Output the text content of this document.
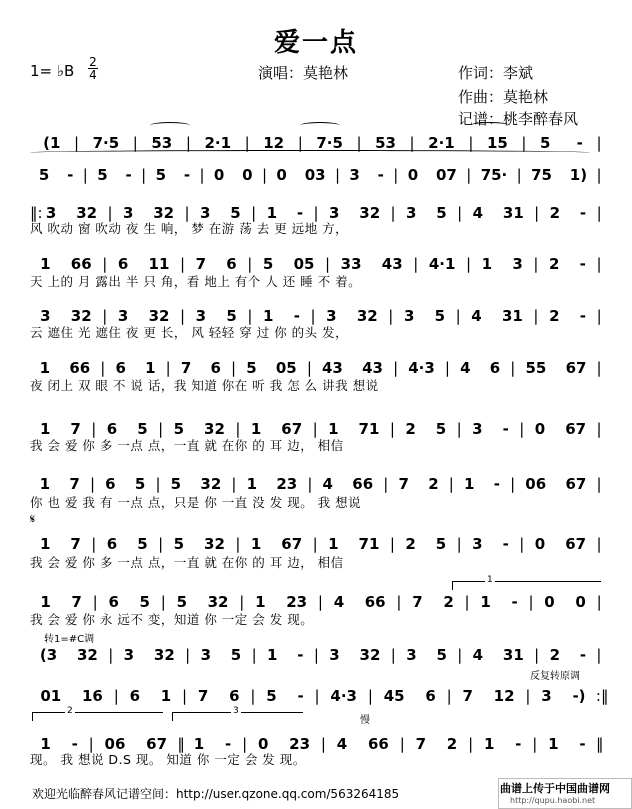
爱一点
1= ♭B 2
4	演唱：莫艳林	作词：李斌
作曲：莫艳林
记谱：桃李醉春风
(1 | 7·5 | 53 | 2·1 | 12 | 7·5 | 53 | 2·1 | 15 | 5	- |
5	- | 5	- | 5	- | 0	0 | 0	03 | 3	- | 0	07 | 75· | 75	1) |
‖: 3	32 | 3	32 | 3	5 | 1	- | 3	32 | 3	5 | 4	31 | 2	- |
风 吹动 窗 吹动 夜 生 响， 梦 在游 荡 去 更 远地 方，
1	66 | 6	11 | 7	6 | 5	05 | 33	43 | 4·1 | 1	3 | 2	- |
天 上的 月 露出 半 只 角，看 地上 有个 人 还 睡 不 着。
3	32 | 3	32 | 3	5 | 1	- | 3	32 | 3	5 | 4	31 | 2	- |
云 遮住 光 遮住 夜 更 长， 风 轻轻 穿 过 你 的头 发，
1	66 | 6	1 | 7	6 | 5	05 | 43	43 | 4·3 | 4	6 | 55	67 |
夜 闭上 双 眼 不 说 话，我 知道 你在 听 我 怎 么 讲我 想说
1	7 | 6	5 | 5	32 | 1	67 | 1	71 | 2	5 | 3	- | 0	67 |
我 会 爱 你 多 一点 点，一直 就 在你 的 耳 边， 相信
1	7 | 6	5 | 5	32 | 1	23 | 4	66 | 7	2 | 1	- | 06	67 |
你 也 爱 我 有 一点 点，只是 你 一直 没 发 现。 我 想说
1	7 | 6	5 | 5	32 | 1	67 | 1	71 | 2	5 | 3	- | 0	67 |
我 会 爱 你 多 一点 点，一直 就 在你 的 耳 边， 相信
1	7 | 6	5 | 5	32 | 1	23 | 4	66 | 7	2 | 1	- | 0	0 |
我 会 爱 你 永 远不 变，知道 你 一定 会 发 现。
(3	32 | 3	32 | 3	5 | 1	- | 3	32 | 3	5 | 4	31 | 2	- |
01	16 | 6	1 | 7	6 | 5	- | 4·3 | 45	6 | 7	12 | 3	-) :‖
1	- | 06	67 ‖ 1	- | 0	23 | 4	66 | 7	2 | 1	- | 1	- ‖
现。 我 想说 D.S 现。 知道 你 一定 会 发 现。
转1=#C调
反复转原调
慢
𝄋
1
2	3
欢迎光临醉春风记谱空间：http://user.qzone.qq.com/563264185	曲谱上传于中国曲谱网
http://qupu.haobi.net
